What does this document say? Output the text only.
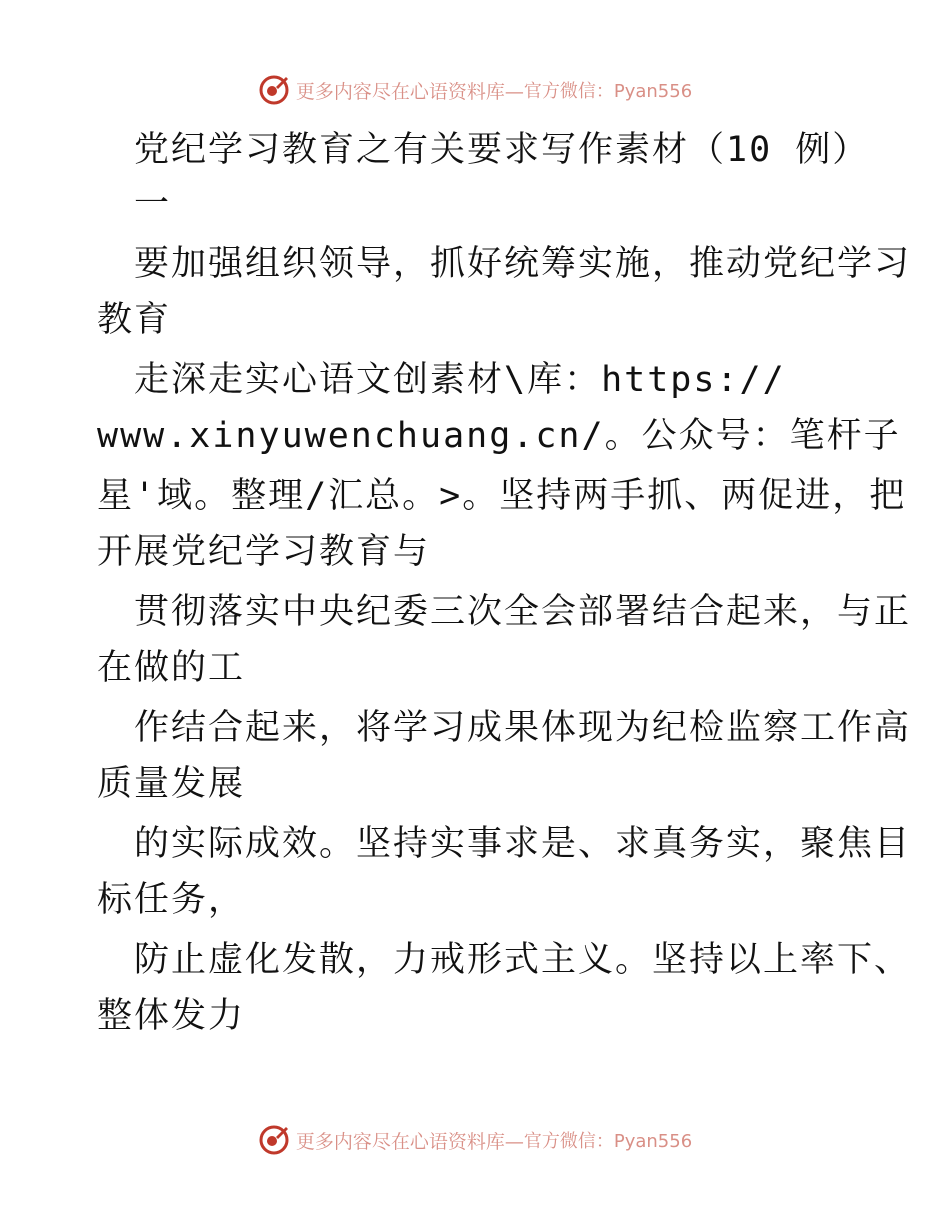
更多内容尽在心语资料库— 官方微信：Pyan556
　党纪学习教育之有关要求写作素材（10 例）
　一
　要加强组织领导，抓好统筹实施，推动党纪学习
教育
　走深走实心语文创素材\库：https://
www.xinyuwenchuang.cn/。公众号：笔杆子
星'域。整理/汇总。>。坚持两手抓、两促进，把
开展党纪学习教育与
　贯彻落实中央纪委三次全会部署结合起来，与正
在做的工
　作结合起来，将学习成果体现为纪检监察工作高
质量发展
　的实际成效。坚持实事求是、求真务实，聚焦目
标任务，
　防止虚化发散，力戒形式主义。坚持以上率下、
整体发力
更多内容尽在心语资料库— 官方微信：Pyan556
